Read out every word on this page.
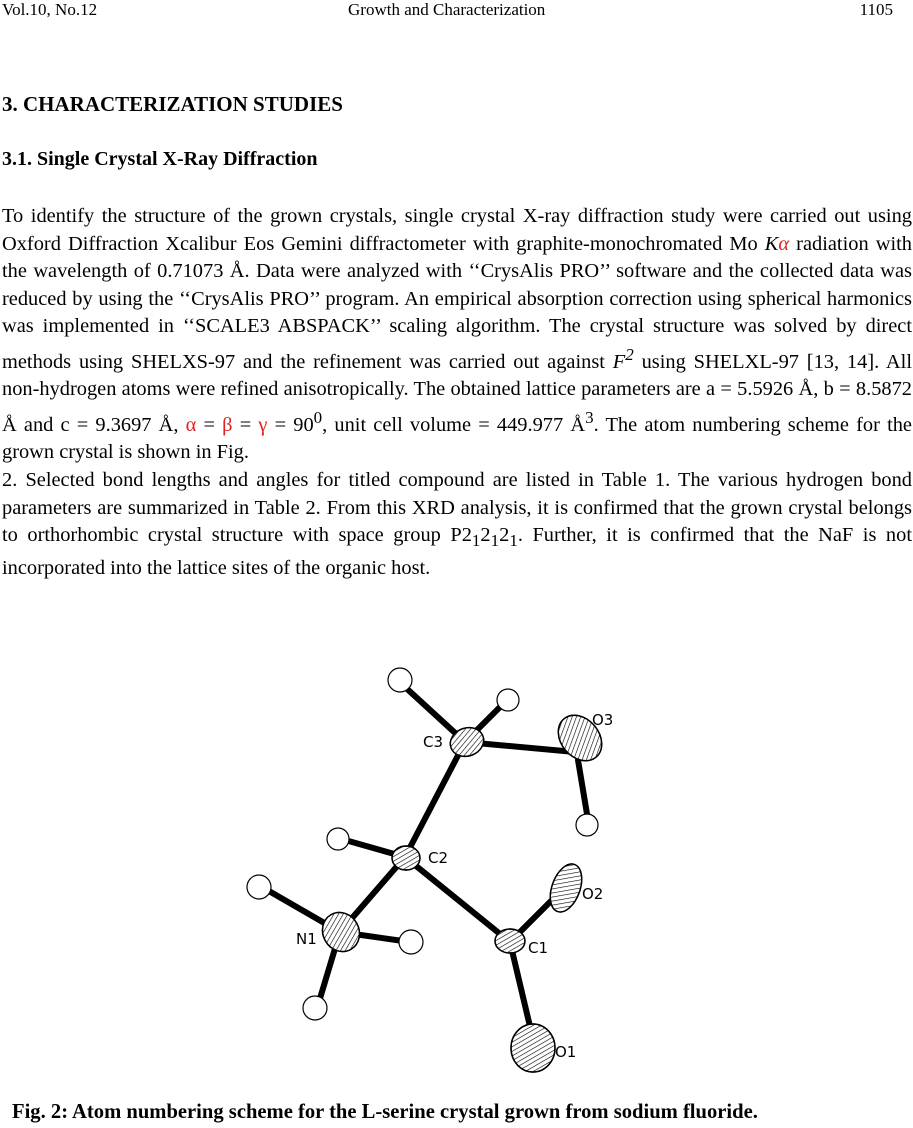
Vol.10, No.12	Growth and Characterization	1105
3. CHARACTERIZATION STUDIES
3.1. Single Crystal X-Ray Diffraction

To identify the structure of the grown crystals, single crystal X-ray diffraction study were carried out using Oxford Diffraction Xcalibur Eos Gemini diffractometer with graphite-monochromated Mo Kα radiation with the wavelength of 0.71073 Å. Data were analyzed with ‘‘CrysAlis PRO’’ software and the collected data was reduced by using the ‘‘CrysAlis PRO’’ program. An empirical absorption correction using spherical harmonics was implemented in ‘‘SCALE3 ABSPACK’’ scaling algorithm. The crystal structure was solved by direct methods using SHELXS-97 and the refinement was carried out against $F^2$ using SHELXL-97 [13, 14]. All non-hydrogen atoms were refined anisotropically. The obtained lattice parameters are a = 5.5926 Å, b = 8.5872 Å and c = 9.3697 Å, $\alpha = \beta = \gamma = 90^0$, unit cell volume = 449.977 $Å^3$. The atom numbering scheme for the grown crystal is shown in Fig.

2. Selected bond lengths and angles for titled compound are listed in Table 1. The various hydrogen bond parameters are summarized in Table 2. From this XRD analysis, it is confirmed that the grown crystal belongs to orthorhombic crystal structure with space group $P2_12_12_1$. Further, it is confirmed that the NaF is not incorporated into the lattice sites of the organic host.

C3
O3
C2
O2
N1	C1
O1
Fig. 2: Atom numbering scheme for the L-serine crystal grown from sodium fluoride.
